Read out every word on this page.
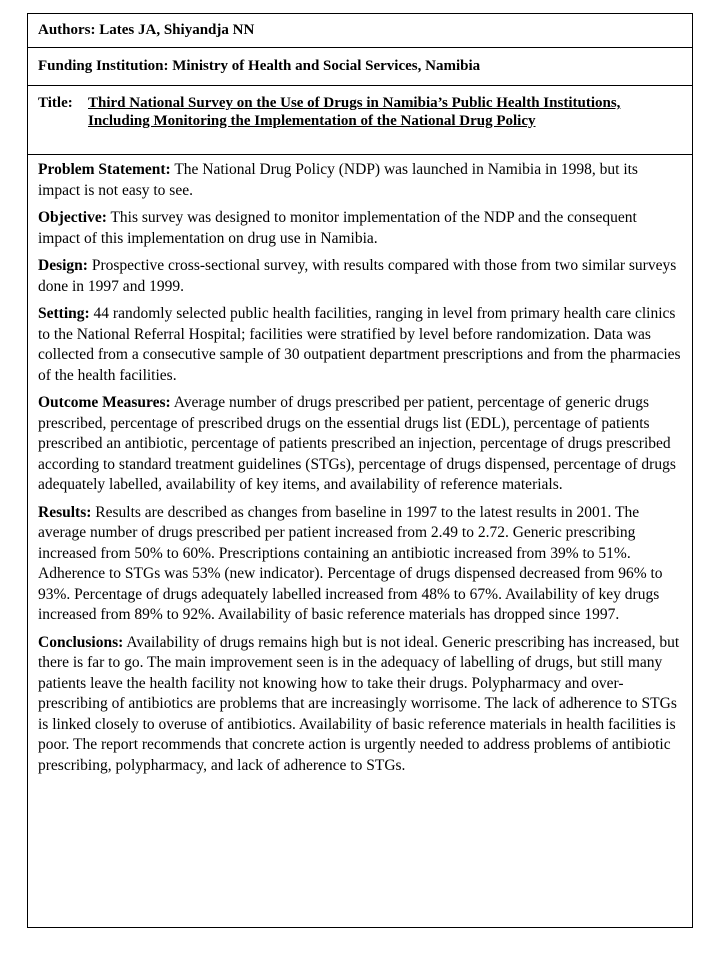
Authors: Lates JA, Shiyandja NN
Funding Institution: Ministry of Health and Social Services, Namibia
Title:	Third National Survey on the Use of Drugs in Namibia’s Public Health Institutions, Including Monitoring the Implementation of the National Drug Policy

Problem Statement: The National Drug Policy (NDP) was launched in Namibia in 1998, but its impact is not easy to see.

Objective: This survey was designed to monitor implementation of the NDP and the consequent impact of this implementation on drug use in Namibia.

Design: Prospective cross-sectional survey, with results compared with those from two similar surveys done in 1997 and 1999.

Setting: 44 randomly selected public health facilities, ranging in level from primary health care clinics to the National Referral Hospital; facilities were stratified by level before randomization. Data was collected from a consecutive sample of 30 outpatient department prescriptions and from the pharmacies of the health facilities.

Outcome Measures: Average number of drugs prescribed per patient, percentage of generic drugs prescribed, percentage of prescribed drugs on the essential drugs list (EDL), percentage of patients prescribed an antibiotic, percentage of patients prescribed an injection, percentage of drugs prescribed according to standard treatment guidelines (STGs), percentage of drugs dispensed, percentage of drugs adequately labelled, availability of key items, and availability of reference materials.

Results: Results are described as changes from baseline in 1997 to the latest results in 2001. The average number of drugs prescribed per patient increased from 2.49 to 2.72. Generic prescribing increased from 50% to 60%. Prescriptions containing an antibiotic increased from 39% to 51%. Adherence to STGs was 53% (new indicator). Percentage of drugs dispensed decreased from 96% to 93%. Percentage of drugs adequately labelled increased from 48% to 67%. Availability of key drugs increased from 89% to 92%. Availability of basic reference materials has dropped since 1997.

Conclusions: Availability of drugs remains high but is not ideal. Generic prescribing has increased, but there is far to go. The main improvement seen is in the adequacy of labelling of drugs, but still many patients leave the health facility not knowing how to take their drugs. Polypharmacy and over-prescribing of antibiotics are problems that are increasingly worrisome. The lack of adherence to STGs is linked closely to overuse of antibiotics. Availability of basic reference materials in health facilities is poor. The report recommends that concrete action is urgently needed to address problems of antibiotic prescribing, polypharmacy, and lack of adherence to STGs.
